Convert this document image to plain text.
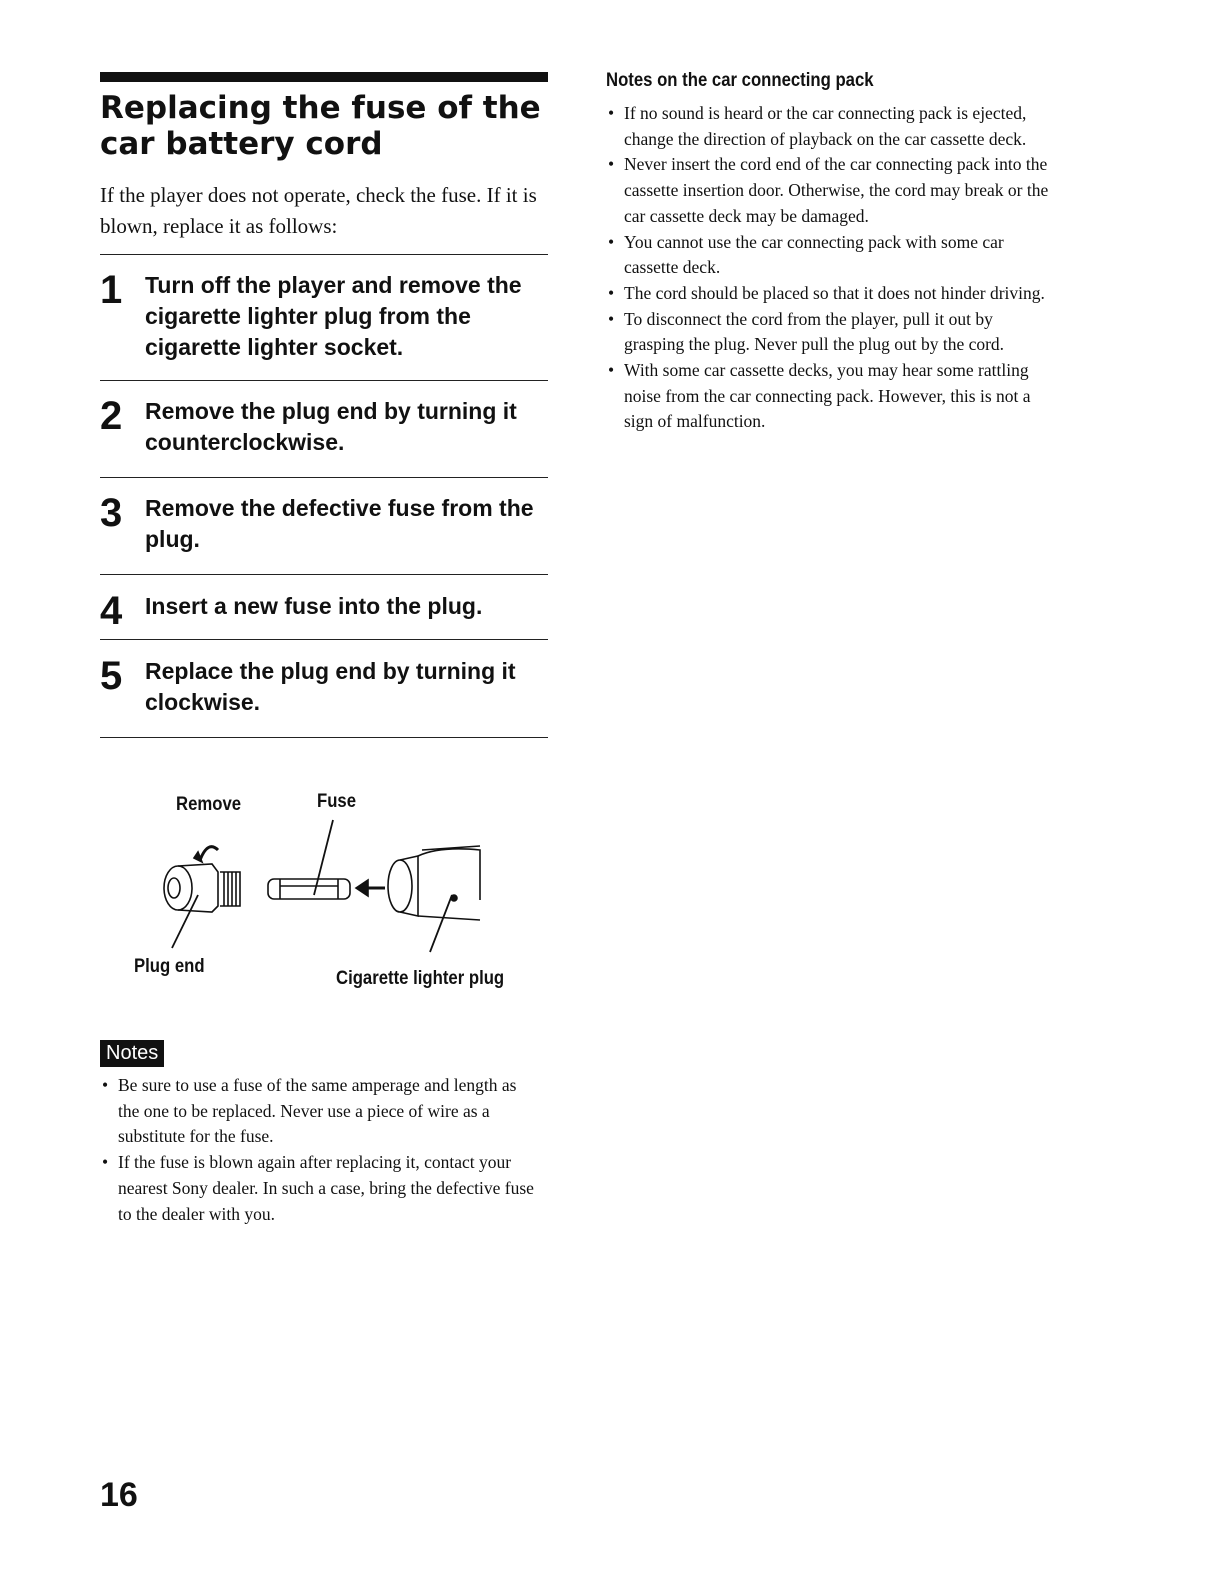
Replacing the fuse of the car battery cord

If the player does not operate, check the fuse. If it is blown, replace it as follows:

1 Turn off the player and remove the cigarette lighter plug from the cigarette lighter socket.
2 Remove the plug end by turning it counterclockwise.
3 Remove the defective fuse from the plug.
4 Insert a new fuse into the plug.
5 Replace the plug end by turning it clockwise.
Remove	Fuse
Plug end
Cigarette lighter plug
Notes
• Be sure to use a fuse of the same amperage and length as the one to be replaced. Never use a piece of wire as a substitute for the fuse.
• If the fuse is blown again after replacing it, contact your nearest Sony dealer. In such a case, bring the defective fuse to the dealer with you.
Notes on the car connecting pack
• If no sound is heard or the car connecting pack is ejected, change the direction of playback on the car cassette deck.
• Never insert the cord end of the car connecting pack into the cassette insertion door. Otherwise, the cord may break or the car cassette deck may be damaged.
• You cannot use the car connecting pack with some car cassette deck.
• The cord should be placed so that it does not hinder driving.
• To disconnect the cord from the player, pull it out by grasping the plug. Never pull the plug out by the cord.
• With some car cassette decks, you may hear some rattling noise from the car connecting pack. However, this is not a sign of malfunction.
16
